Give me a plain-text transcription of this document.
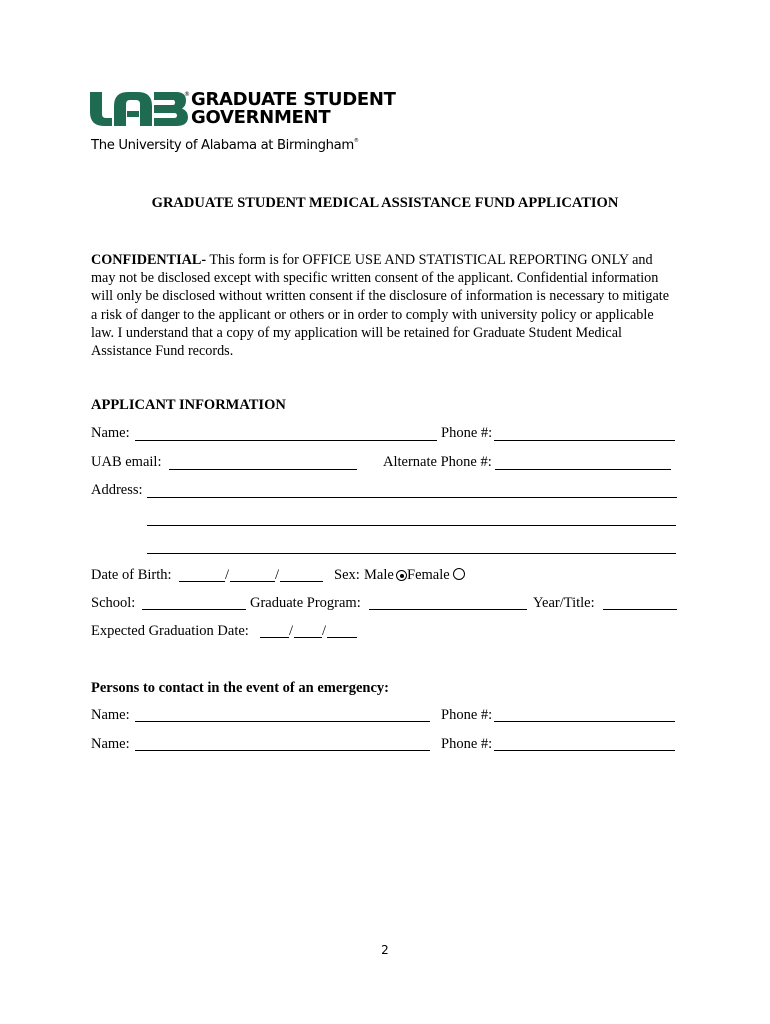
GRADUATE STUDENT
GOVERNMENT
®
The University of Alabama at Birmingham®
GRADUATE STUDENT MEDICAL ASSISTANCE FUND APPLICATION
CONFIDENTIAL- This form is for OFFICE USE AND STATISTICAL REPORTING ONLY and may not be disclosed except with specific written consent of the applicant. Confidential information will only be disclosed without written consent if the disclosure of information is necessary to mitigate a risk of danger to the applicant or others or in order to comply with university policy or applicable law. I understand that a copy of my application will be retained for Graduate Student Medical Assistance Fund records.
APPLICANT INFORMATION
Name:	Phone #:
UAB email:	Alternate Phone #:
Address:
Date of Birth:	/	/	Sex: Male Female
School:	Graduate Program:	Year/Title:
Expected Graduation Date:	/ /
Persons to contact in the event of an emergency:
Name:	Phone #:
Name:	Phone #:
2
